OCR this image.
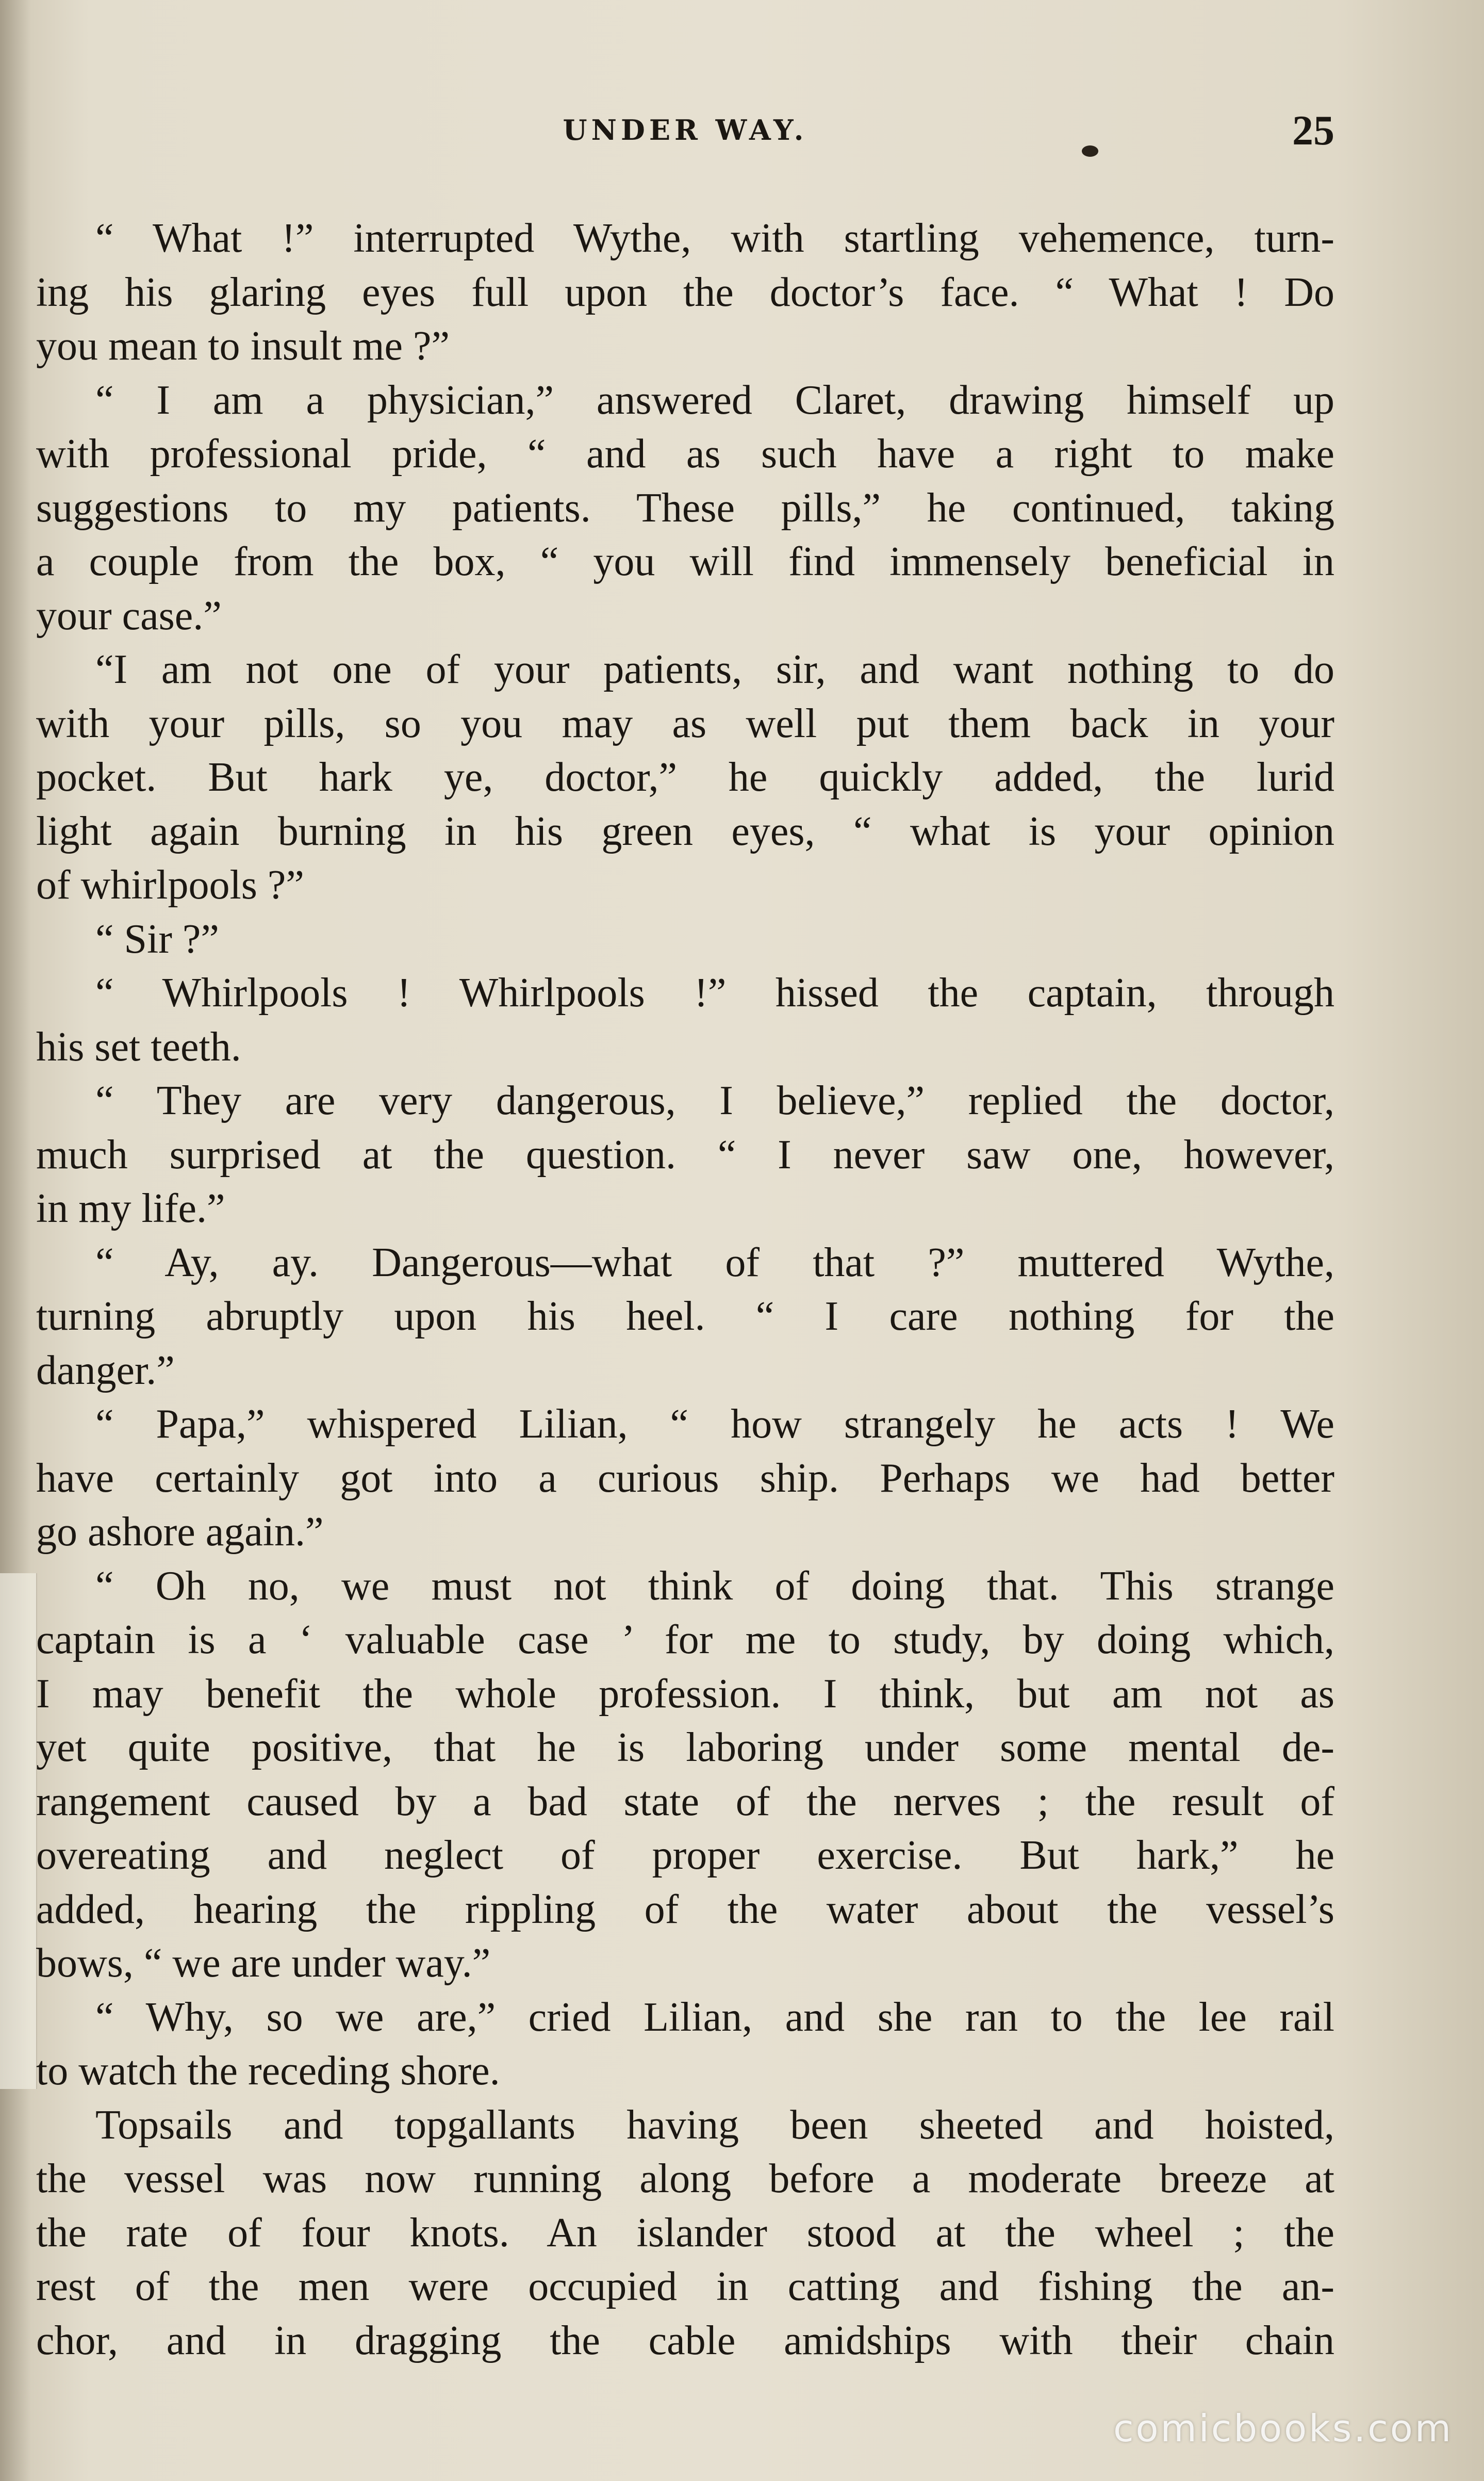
UNDER WAY.	25
“ What !” interrupted Wythe, with startling vehemence, turn-
ing his glaring eyes full upon the doctor’s face. “ What ! Do
you mean to insult me ?”
“ I am a physician,” answered Claret, drawing himself up
with professional pride, “ and as such have a right to make
suggestions to my patients. These pills,” he continued, taking
a couple from the box, “ you will find immensely beneficial in
your case.”
“I am not one of your patients, sir, and want nothing to do
with your pills, so you may as well put them back in your
pocket. But hark ye, doctor,” he quickly added, the lurid
light again burning in his green eyes, “ what is your opinion
of whirlpools ?”
“ Sir ?”
“ Whirlpools ! Whirlpools !” hissed the captain, through
his set teeth.
“ They are very dangerous, I believe,” replied the doctor,
much surprised at the question. “ I never saw one, however,
in my life.”
“ Ay, ay. Dangerous—what of that ?” muttered Wythe,
turning abruptly upon his heel. “ I care nothing for the
danger.”
“ Papa,” whispered Lilian, “ how strangely he acts ! We
have certainly got into a curious ship. Perhaps we had better
go ashore again.”
“ Oh no, we must not think of doing that. This strange
captain is a ‘ valuable case ’ for me to study, by doing which,
I may benefit the whole profession. I think, but am not as
yet quite positive, that he is laboring under some mental de-
rangement caused by a bad state of the nerves ; the result of
overeating and neglect of proper exercise. But hark,” he
added, hearing the rippling of the water about the vessel’s
bows, “ we are under way.”
“ Why, so we are,” cried Lilian, and she ran to the lee rail
to watch the receding shore.
Topsails and topgallants having been sheeted and hoisted,
the vessel was now running along before a moderate breeze at
the rate of four knots. An islander stood at the wheel ; the
rest of the men were occupied in catting and fishing the an-
chor, and in dragging the cable amidships with their chain
comicbooks.com
